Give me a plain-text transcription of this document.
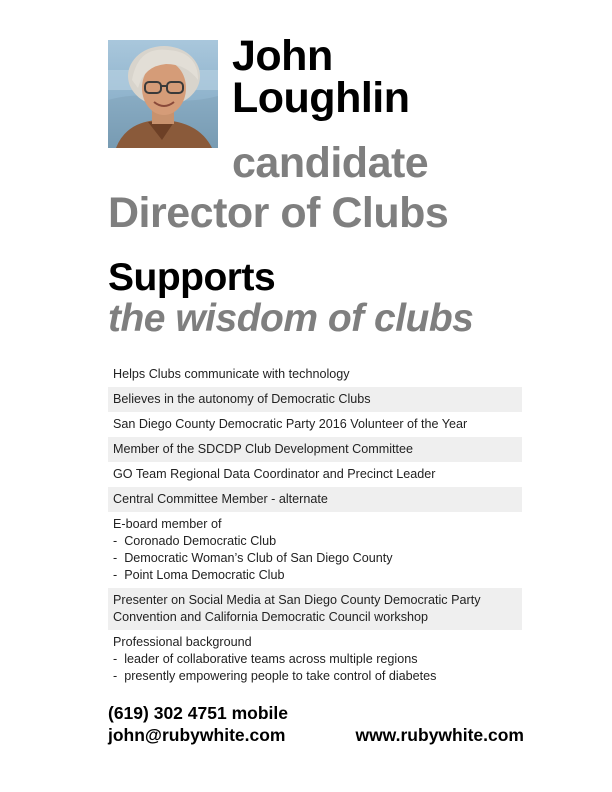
John
Loughlin
candidate
Director of Clubs
Supports
the wisdom of clubs
Helps Clubs communicate with technology
Believes in the autonomy of Democratic Clubs
San Diego County Democratic Party 2016 Volunteer of the Year
Member of the SDCDP Club Development Committee
GO Team Regional Data Coordinator and Precinct Leader
Central Committee Member - alternate
E-board member of
- Coronado Democratic Club
- Democratic Woman’s Club of San Diego County
- Point Loma Democratic Club
Presenter on Social Media at San Diego County Democratic Party
Convention and California Democratic Council workshop
Professional background
- leader of collaborative teams across multiple regions
- presently empowering people to take control of diabetes
(619) 302 4751 mobile
john@rubywhite.com	www.rubywhite.com
